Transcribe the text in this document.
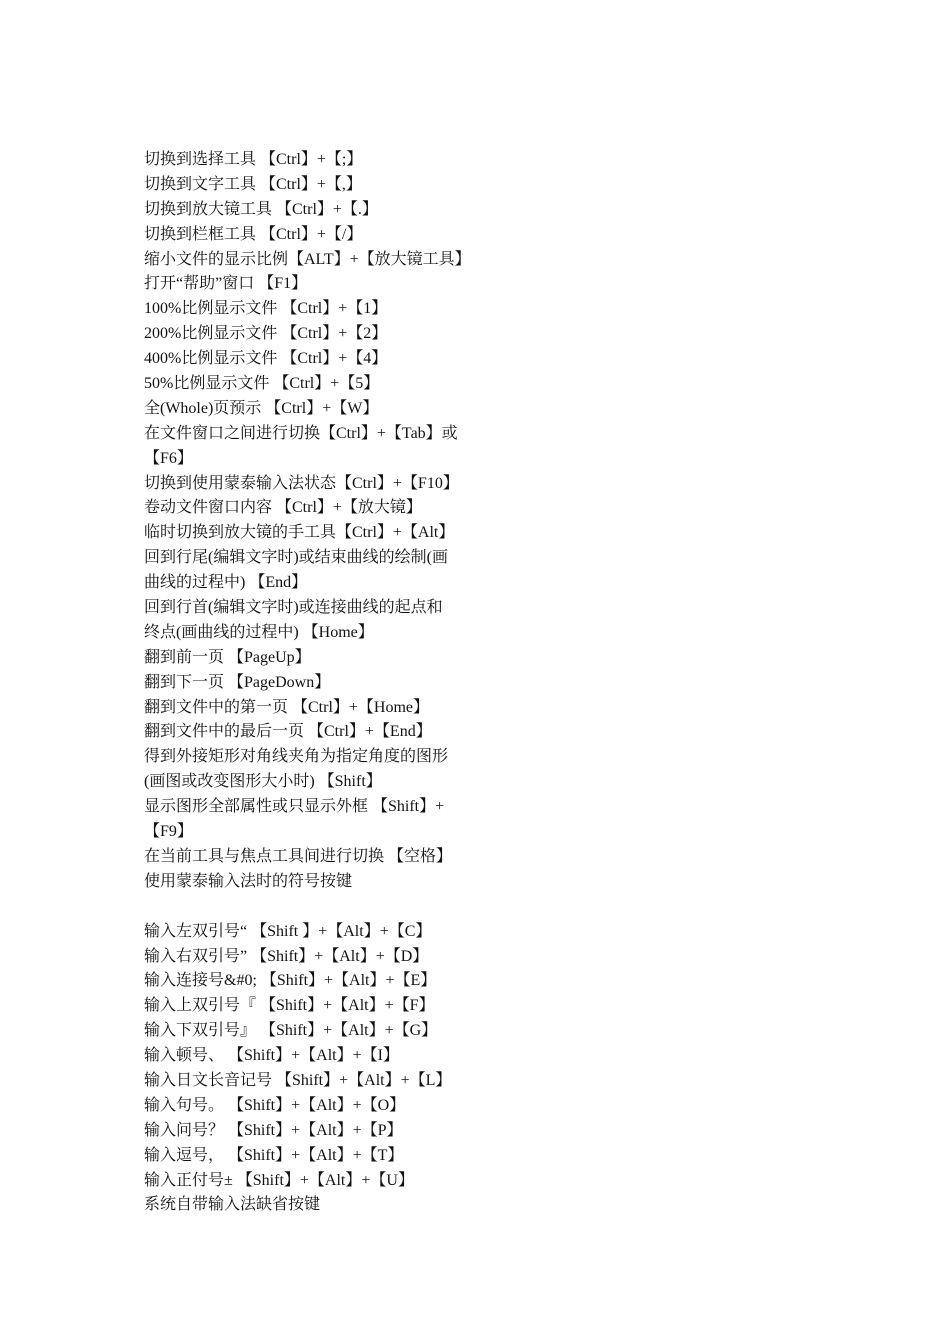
切换到选择工具 【Ctrl】+【;】
切换到文字工具 【Ctrl】+【,】
切换到放大镜工具 【Ctrl】+【.】
切换到栏框工具 【Ctrl】+【/】
缩小文件的显示比例【ALT】+【放大镜工具】
打开“帮助”窗口 【F1】
100%比例显示文件 【Ctrl】+【1】
200%比例显示文件 【Ctrl】+【2】
400%比例显示文件 【Ctrl】+【4】
50%比例显示文件 【Ctrl】+【5】
全(Whole)页预示 【Ctrl】+【W】
在文件窗口之间进行切换【Ctrl】+【Tab】或
【F6】
切换到使用蒙泰输入法状态【Ctrl】+【F10】
卷动文件窗口内容 【Ctrl】+【放大镜】
临时切换到放大镜的手工具【Ctrl】+【Alt】
回到行尾(编辑文字时)或结束曲线的绘制(画
曲线的过程中) 【End】
回到行首(编辑文字时)或连接曲线的起点和
终点(画曲线的过程中) 【Home】
翻到前一页 【PageUp】
翻到下一页 【PageDown】
翻到文件中的第一页 【Ctrl】+【Home】
翻到文件中的最后一页 【Ctrl】+【End】
得到外接矩形对角线夹角为指定角度的图形
(画图或改变图形大小时) 【Shift】
显示图形全部属性或只显示外框 【Shift】+
【F9】
在当前工具与焦点工具间进行切换 【空格】
使用蒙泰输入法时的符号按键
输入左双引号“ 【Shift 】+【Alt】+【C】
输入右双引号” 【Shift】+【Alt】+【D】
输入连接号&#0; 【Shift】+【Alt】+【E】
输入上双引号『 【Shift】+【Alt】+【F】
输入下双引号』 【Shift】+【Alt】+【G】
输入顿号、 【Shift】+【Alt】+【I】
输入日文长音记号 【Shift】+【Alt】+【L】
输入句号。 【Shift】+【Alt】+【O】
输入问号？ 【Shift】+【Alt】+【P】
输入逗号， 【Shift】+【Alt】+【T】
输入正付号± 【Shift】+【Alt】+【U】
系统自带输入法缺省按键
